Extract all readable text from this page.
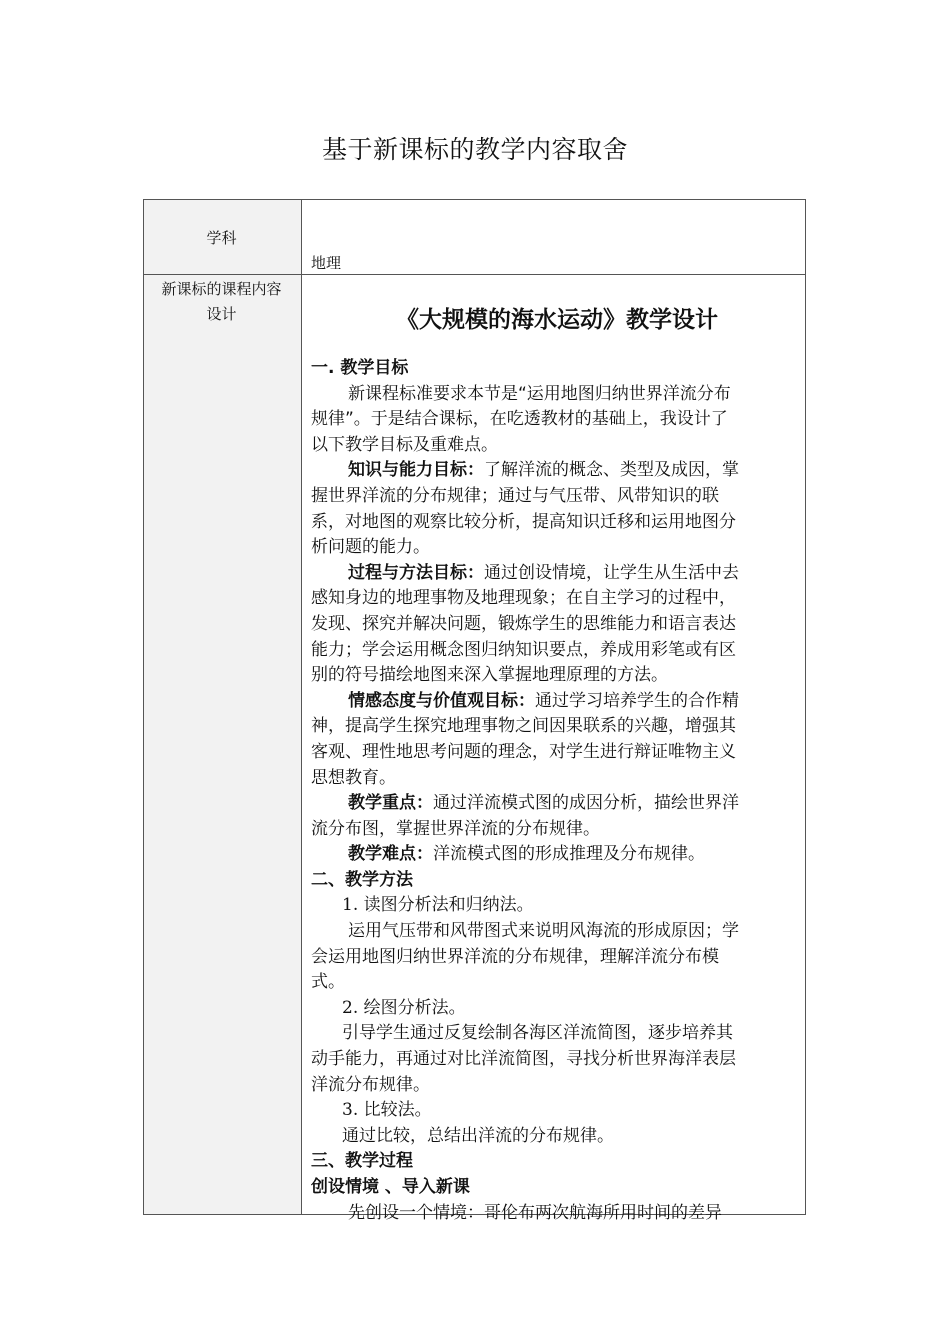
基于新课标的教学内容取舍
学科
新课标的课程内容
设计
地理
《大规模的海水运动》教学设计

一. 教学目标

新课程标准要求本节是“运用地图归纳世界洋流分布

规律”。于是结合课标，在吃透教材的基础上，我设计了

以下教学目标及重难点。

知识与能力目标：了解洋流的概念、类型及成因，掌

握世界洋流的分布规律；通过与气压带、风带知识的联

系，对地图的观察比较分析，提高知识迁移和运用地图分

析问题的能力。

过程与方法目标：通过创设情境，让学生从生活中去

感知身边的地理事物及地理现象；在自主学习的过程中，

发现、探究并解决问题，锻炼学生的思维能力和语言表达

能力；学会运用概念图归纳知识要点，养成用彩笔或有区

别的符号描绘地图来深入掌握地理原理的方法。

情感态度与价值观目标：通过学习培养学生的合作精

神，提高学生探究地理事物之间因果联系的兴趣，增强其

客观、理性地思考问题的理念，对学生进行辩证唯物主义

思想教育。

教学重点：通过洋流模式图的成因分析，描绘世界洋

流分布图，掌握世界洋流的分布规律。

教学难点：洋流模式图的形成推理及分布规律。

二、教学方法

1. 读图分析法和归纳法。

运用气压带和风带图式来说明风海流的形成原因；学

会运用地图归纳世界洋流的分布规律，理解洋流分布模

式。

2. 绘图分析法。

引导学生通过反复绘制各海区洋流简图，逐步培养其

动手能力，再通过对比洋流简图，寻找分析世界海洋表层

洋流分布规律。

3. 比较法。

通过比较，总结出洋流的分布规律。

三、教学过程

创设情境 、导入新课

先创设一个情境：哥伦布两次航海所用时间的差异
